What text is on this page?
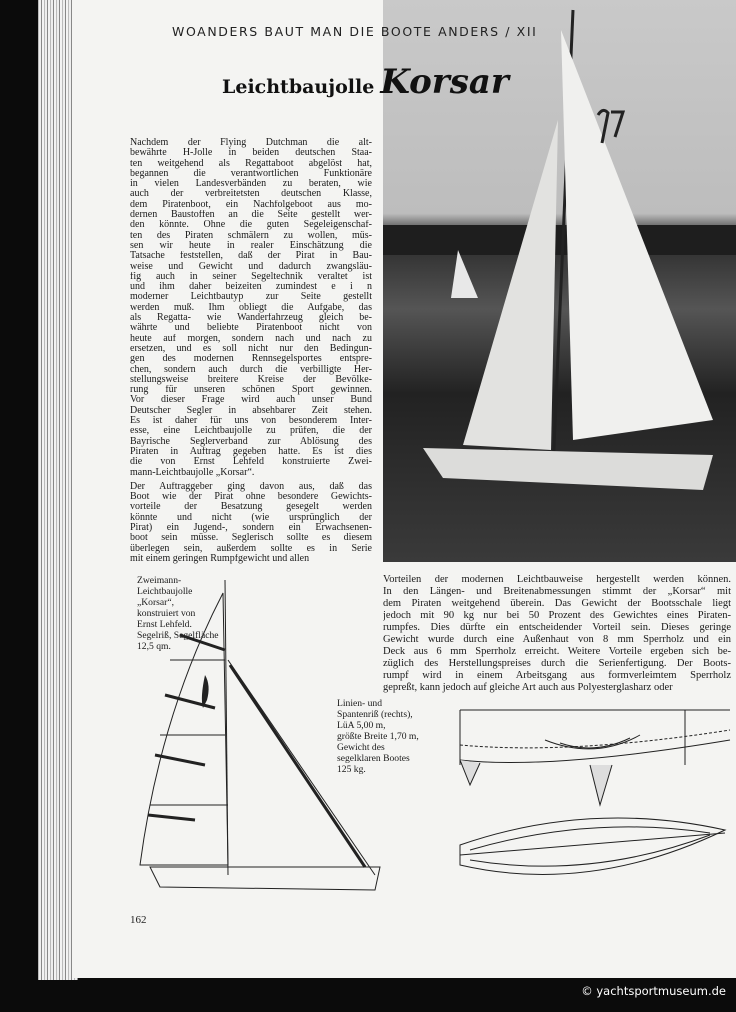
WOANDERS BAUT MAN DIE BOOTE ANDERS / XII
Leichtbaujolle Korsar
Nachdem der Flying Dutchman die alt-
bewährte H-Jolle in beiden deutschen Staa-
ten weitgehend als Regattaboot abgelöst hat,
begannen die verantwortlichen Funktionäre
in vielen Landesverbänden zu beraten, wie
auch der verbreitetsten deutschen Klasse,
dem Piratenboot, ein Nachfolgeboot aus mo-
dernen Baustoffen an die Seite gestellt wer-
den könnte. Ohne die guten Segeleigenschaf-
ten des Piraten schmälern zu wollen, müs-
sen wir heute in realer Einschätzung die
Tatsache feststellen, daß der Pirat in Bau-
weise und Gewicht und dadurch zwangsläu-
fig auch in seiner Segeltechnik veraltet ist
und ihm daher beizeiten zumindest e i n
moderner Leichtbautyp zur Seite gestellt
werden muß. Ihm obliegt die Aufgabe, das
als Regatta- wie Wanderfahrzeug gleich be-
währte und beliebte Piratenboot nicht von
heute auf morgen, sondern nach und nach zu
ersetzen, und es soll nicht nur den Bedingun-
gen des modernen Rennsegelsportes entspre-
chen, sondern auch durch die verbilligte Her-
stellungsweise breitere Kreise der Bevölke-
rung für unseren schönen Sport gewinnen.
Vor dieser Frage wird auch unser Bund
Deutscher Segler in absehbarer Zeit stehen.
Es ist daher für uns von besonderem Inter-
esse, eine Leichtbaujolle zu prüfen, die der
Bayrische Seglerverband zur Ablösung des
Piraten in Auftrag gegeben hatte. Es ist dies
die von Ernst Lehfeld konstruierte Zwei-
mann-Leichtbaujolle „Korsar“.
Der Auftraggeber ging davon aus, daß das
Boot wie der Pirat ohne besondere Gewichts-
vorteile der Besatzung gesegelt werden
könnte und nicht (wie ursprünglich der
Pirat) ein Jugend-, sondern ein Erwachsenen-
boot sein müsse. Seglerisch sollte es diesem
überlegen sein, außerdem sollte es in Serie
mit einem geringen Rumpfgewicht und allen
Vorteilen der modernen Leichtbauweise hergestellt werden können.
In den Längen- und Breitenabmessungen stimmt der „Korsar“ mit
dem Piraten weitgehend überein. Das Gewicht der Bootsschale liegt
jedoch mit 90 kg nur bei 50 Prozent des Gewichtes eines Piraten-
rumpfes. Dies dürfte ein entscheidender Vorteil sein. Dieses geringe
Gewicht wurde durch eine Außenhaut von 8 mm Sperrholz und ein
Deck aus 6 mm Sperrholz erreicht. Weitere Vorteile ergeben sich be-
züglich des Herstellungspreises durch die Serienfertigung. Der Boots-
rumpf wird in einem Arbeitsgang aus formverleimtem Sperrholz
gepreßt, kann jedoch auf gleiche Art auch aus Polyesterglasharz oder
Zweimann-
Leichtbaujolle
„Korsar“,
konstruiert von
Ernst Lehfeld.
Segelriß, Segelfläche
12,5 qm.
Linien- und
Spantenriß (rechts),
LüA 5,00 m,
größte Breite 1,70 m,
Gewicht des
segelklaren Bootes
125 kg.
162
© yachtsportmuseum.de
